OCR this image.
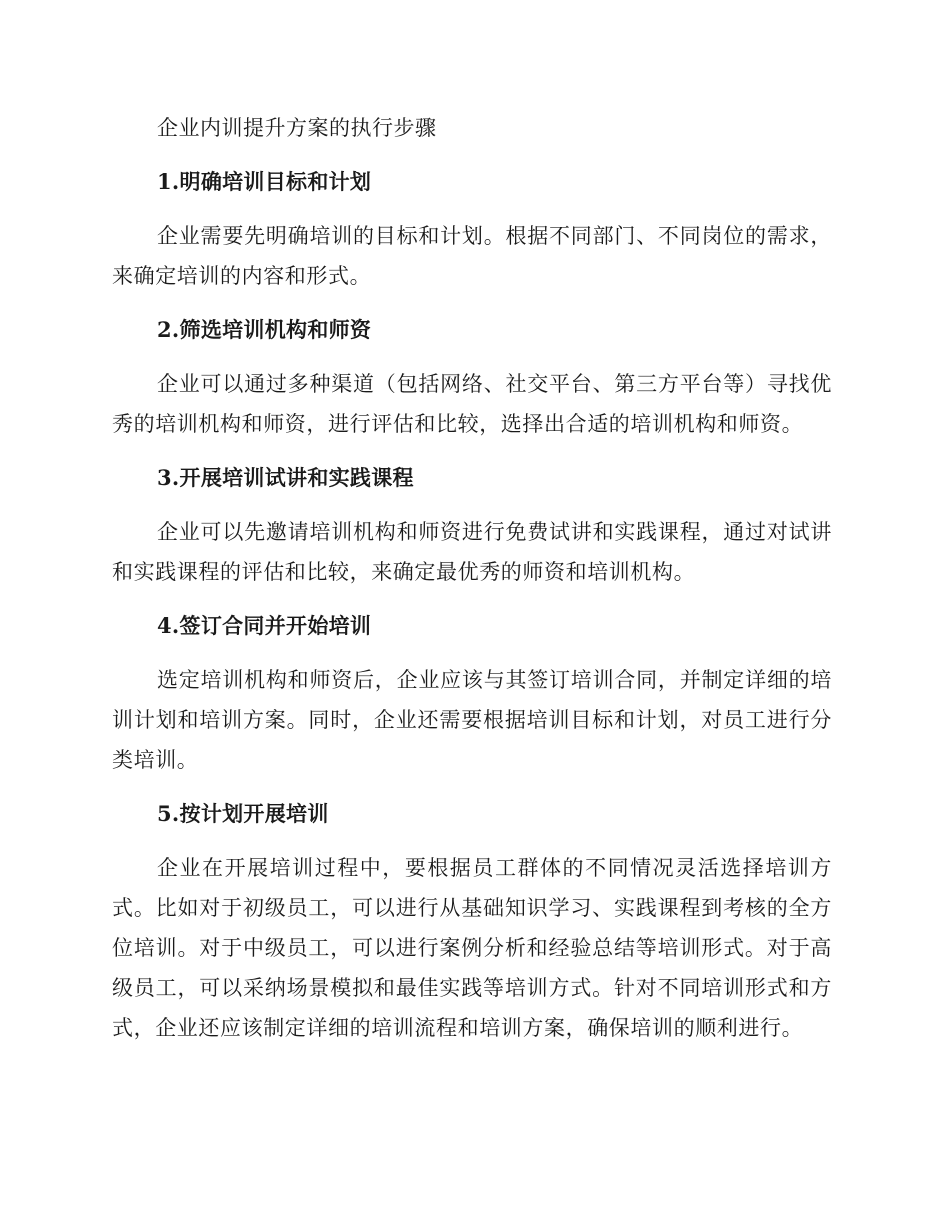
企业内训提升方案的执行步骤
1.明确培训目标和计划

企业需要先明确培训的目标和计划。根据不同部门、不同岗位的需求，来确定培训的内容和形式。

2.筛选培训机构和师资

企业可以通过多种渠道（包括网络、社交平台、第三方平台等）寻找优秀的培训机构和师资，进行评估和比较，选择出合适的培训机构和师资。

3.开展培训试讲和实践课程

企业可以先邀请培训机构和师资进行免费试讲和实践课程，通过对试讲和实践课程的评估和比较，来确定最优秀的师资和培训机构。

4.签订合同并开始培训

选定培训机构和师资后，企业应该与其签订培训合同，并制定详细的培训计划和培训方案。同时，企业还需要根据培训目标和计划，对员工进行分类培训。

5.按计划开展培训

企业在开展培训过程中，要根据员工群体的不同情况灵活选择培训方式。比如对于初级员工，可以进行从基础知识学习、实践课程到考核的全方位培训。对于中级员工，可以进行案例分析和经验总结等培训形式。对于高级员工，可以采纳场景模拟和最佳实践等培训方式。针对不同培训形式和方式，企业还应该制定详细的培训流程和培训方案，确保培训的顺利进行。
